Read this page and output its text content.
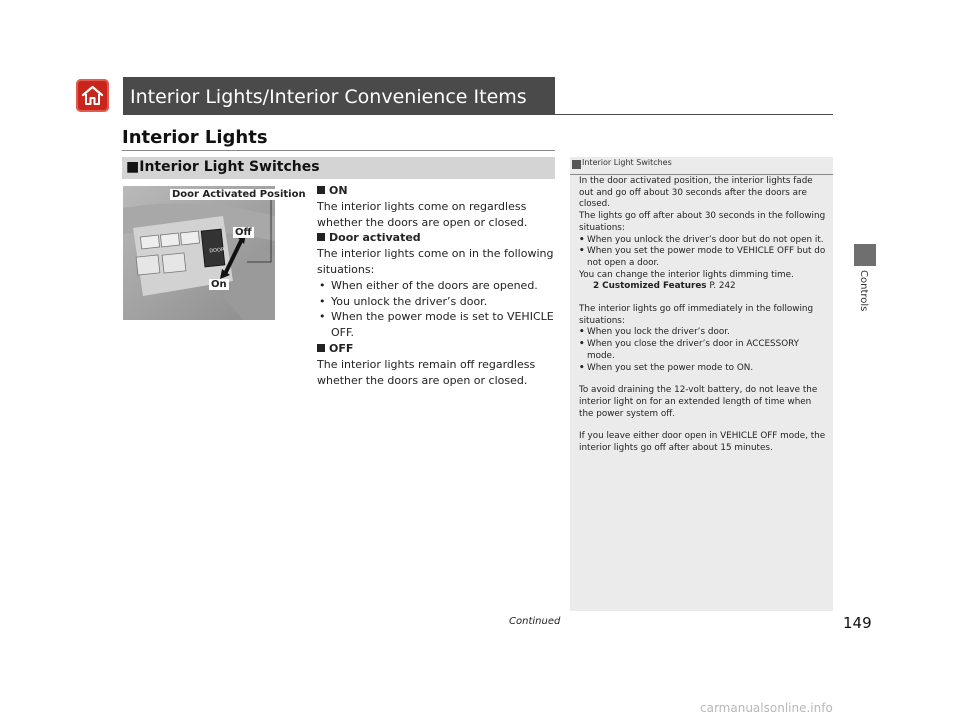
Interior Lights/Interior Convenience Items
Interior Lights
■Interior Light Switches
DOOR
Door Activated Position
Off
On

ON

The interior lights come on regardless whether the doors are open or closed.

Door activated

The interior lights come on in the following situations:

• When either of the doors are opened.
• You unlock the driver’s door.
• When the power mode is set to VEHICLE OFF.

OFF

The interior lights remain off regardless whether the doors are open or closed.

Interior Light Switches

In the door activated position, the interior lights fade out and go off about 30 seconds after the doors are closed.

The lights go off after about 30 seconds in the following situations:

• When you unlock the driver’s door but do not open it.
• When you set the power mode to VEHICLE OFF but do not open a door.

You can change the interior lights dimming time.

2 Customized Features P. 242

The interior lights go off immediately in the following situations:

• When you lock the driver’s door.
• When you close the driver’s door in ACCESSORY mode.
• When you set the power mode to ON.

To avoid draining the 12-volt battery, do not leave the interior light on for an extended length of time when the power system off.

If you leave either door open in VEHICLE OFF mode, the interior lights go off after about 15 minutes.

Controls
Continued	149
carmanualsonline.info
